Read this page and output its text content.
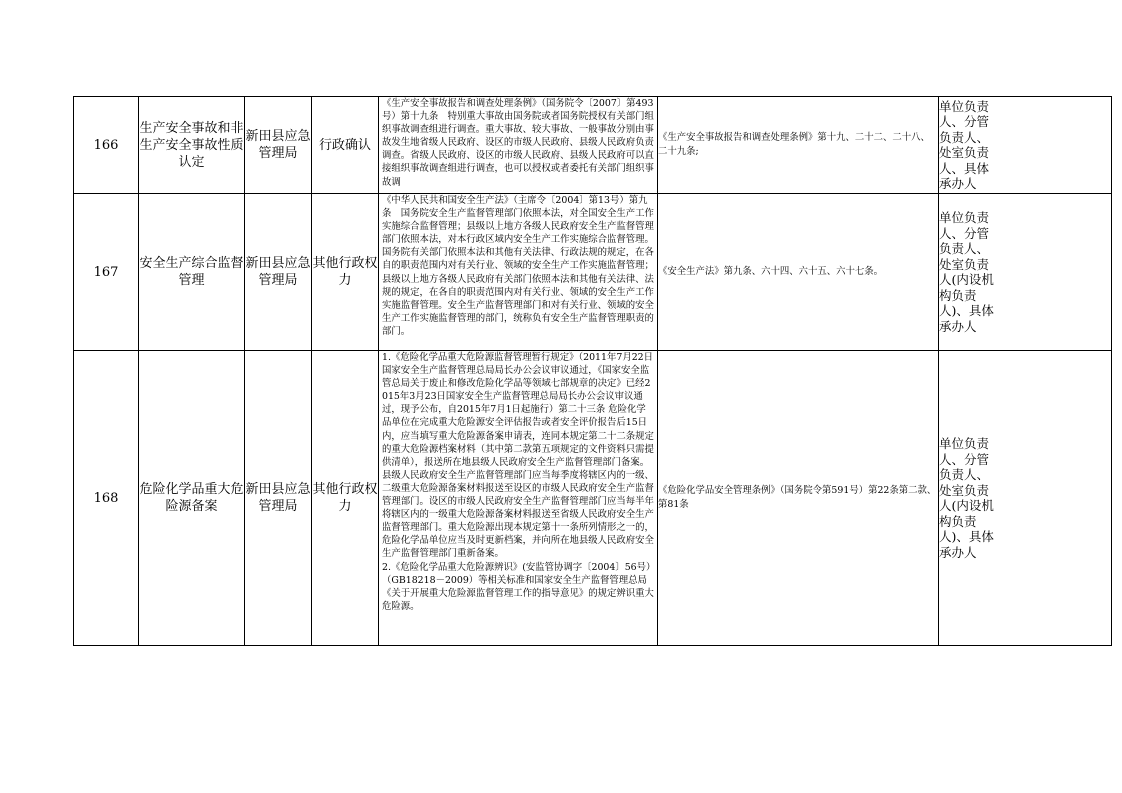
166	生产安全事故和非生产安全事故性质认定	新田县应急管理局	行政确认	《生产安全事故报告和调查处理条例》（国务院令〔2007〕第493号）第十九条　特别重大事故由国务院或者国务院授权有关部门组织事故调查组进行调查。重大事故、较大事故、一般事故分别由事故发生地省级人民政府、设区的市级人民政府、县级人民政府负责调查。省级人民政府、设区的市级人民政府、县级人民政府可以直接组织事故调查组进行调查，也可以授权或者委托有关部门组织事故调	《生产安全事故报告和调查处理条例》第十九、二十二、二十八、二十九条;	单位负责人、分管负责人、处室负责人、具体承办人

167	安全生产综合监督管理	新田县应急管理局	其他行政权力	《中华人民共和国安全生产法》（主席令〔2004〕第13号）第九条　国务院安全生产监督管理部门依照本法，对全国安全生产工作实施综合监督管理；县级以上地方各级人民政府安全生产监督管理部门依照本法，对本行政区域内安全生产工作实施综合监督管理。国务院有关部门依照本法和其他有关法律、行政法规的规定，在各自的职责范围内对有关行业、领域的安全生产工作实施监督管理；县级以上地方各级人民政府有关部门依照本法和其他有关法律、法规的规定，在各自的职责范围内对有关行业、领域的安全生产工作实施监督管理。安全生产监督管理部门和对有关行业、领域的安全生产工作实施监督管理的部门，统称负有安全生产监督管理职责的部门。	《安全生产法》第九条、六十四、六十五、六十七条。	单位负责人、分管负责人、处室负责人(内设机构负责人)、具体承办人

168	危险化学品重大危险源备案	新田县应急管理局	其他行政权力	1.《危险化学品重大危险源监督管理暂行规定》（2011年7月22日国家安全生产监督管理总局局长办公会议审议通过，《国家安全监管总局关于废止和修改危险化学品等领域七部规章的决定》已经2015年3月23日国家安全生产监督管理总局局长办公会议审议通过，现予公布，自2015年7月1日起施行）第二十三条 危险化学品单位在完成重大危险源安全评估报告或者安全评价报告后15日内，应当填写重大危险源备案申请表，连同本规定第二十二条规定的重大危险源档案材料（其中第二款第五项规定的文件资料只需提供清单），报送所在地县级人民政府安全生产监督管理部门备案。县级人民政府安全生产监督管理部门应当每季度将辖区内的一级、二级重大危险源备案材料报送至设区的市级人民政府安全生产监督管理部门。设区的市级人民政府安全生产监督管理部门应当每半年将辖区内的一级重大危险源备案材料报送至省级人民政府安全生产监督管理部门。重大危险源出现本规定第十一条所列情形之一的，危险化学品单位应当及时更新档案，并向所在地县级人民政府安全生产监督管理部门重新备案。
2.《危险化学品重大危险源辨识》(安监管协调字〔2004〕56号）（GB18218－2009）等相关标准和国家安全生产监督管理总局《关于开展重大危险源监督管理工作的指导意见》的规定辨识重大危险源。	《危险化学品安全管理条例》（国务院令第591号）第22条第二款、第81条	单位负责人、分管负责人、处室负责人(内设机构负责人)、具体承办人
